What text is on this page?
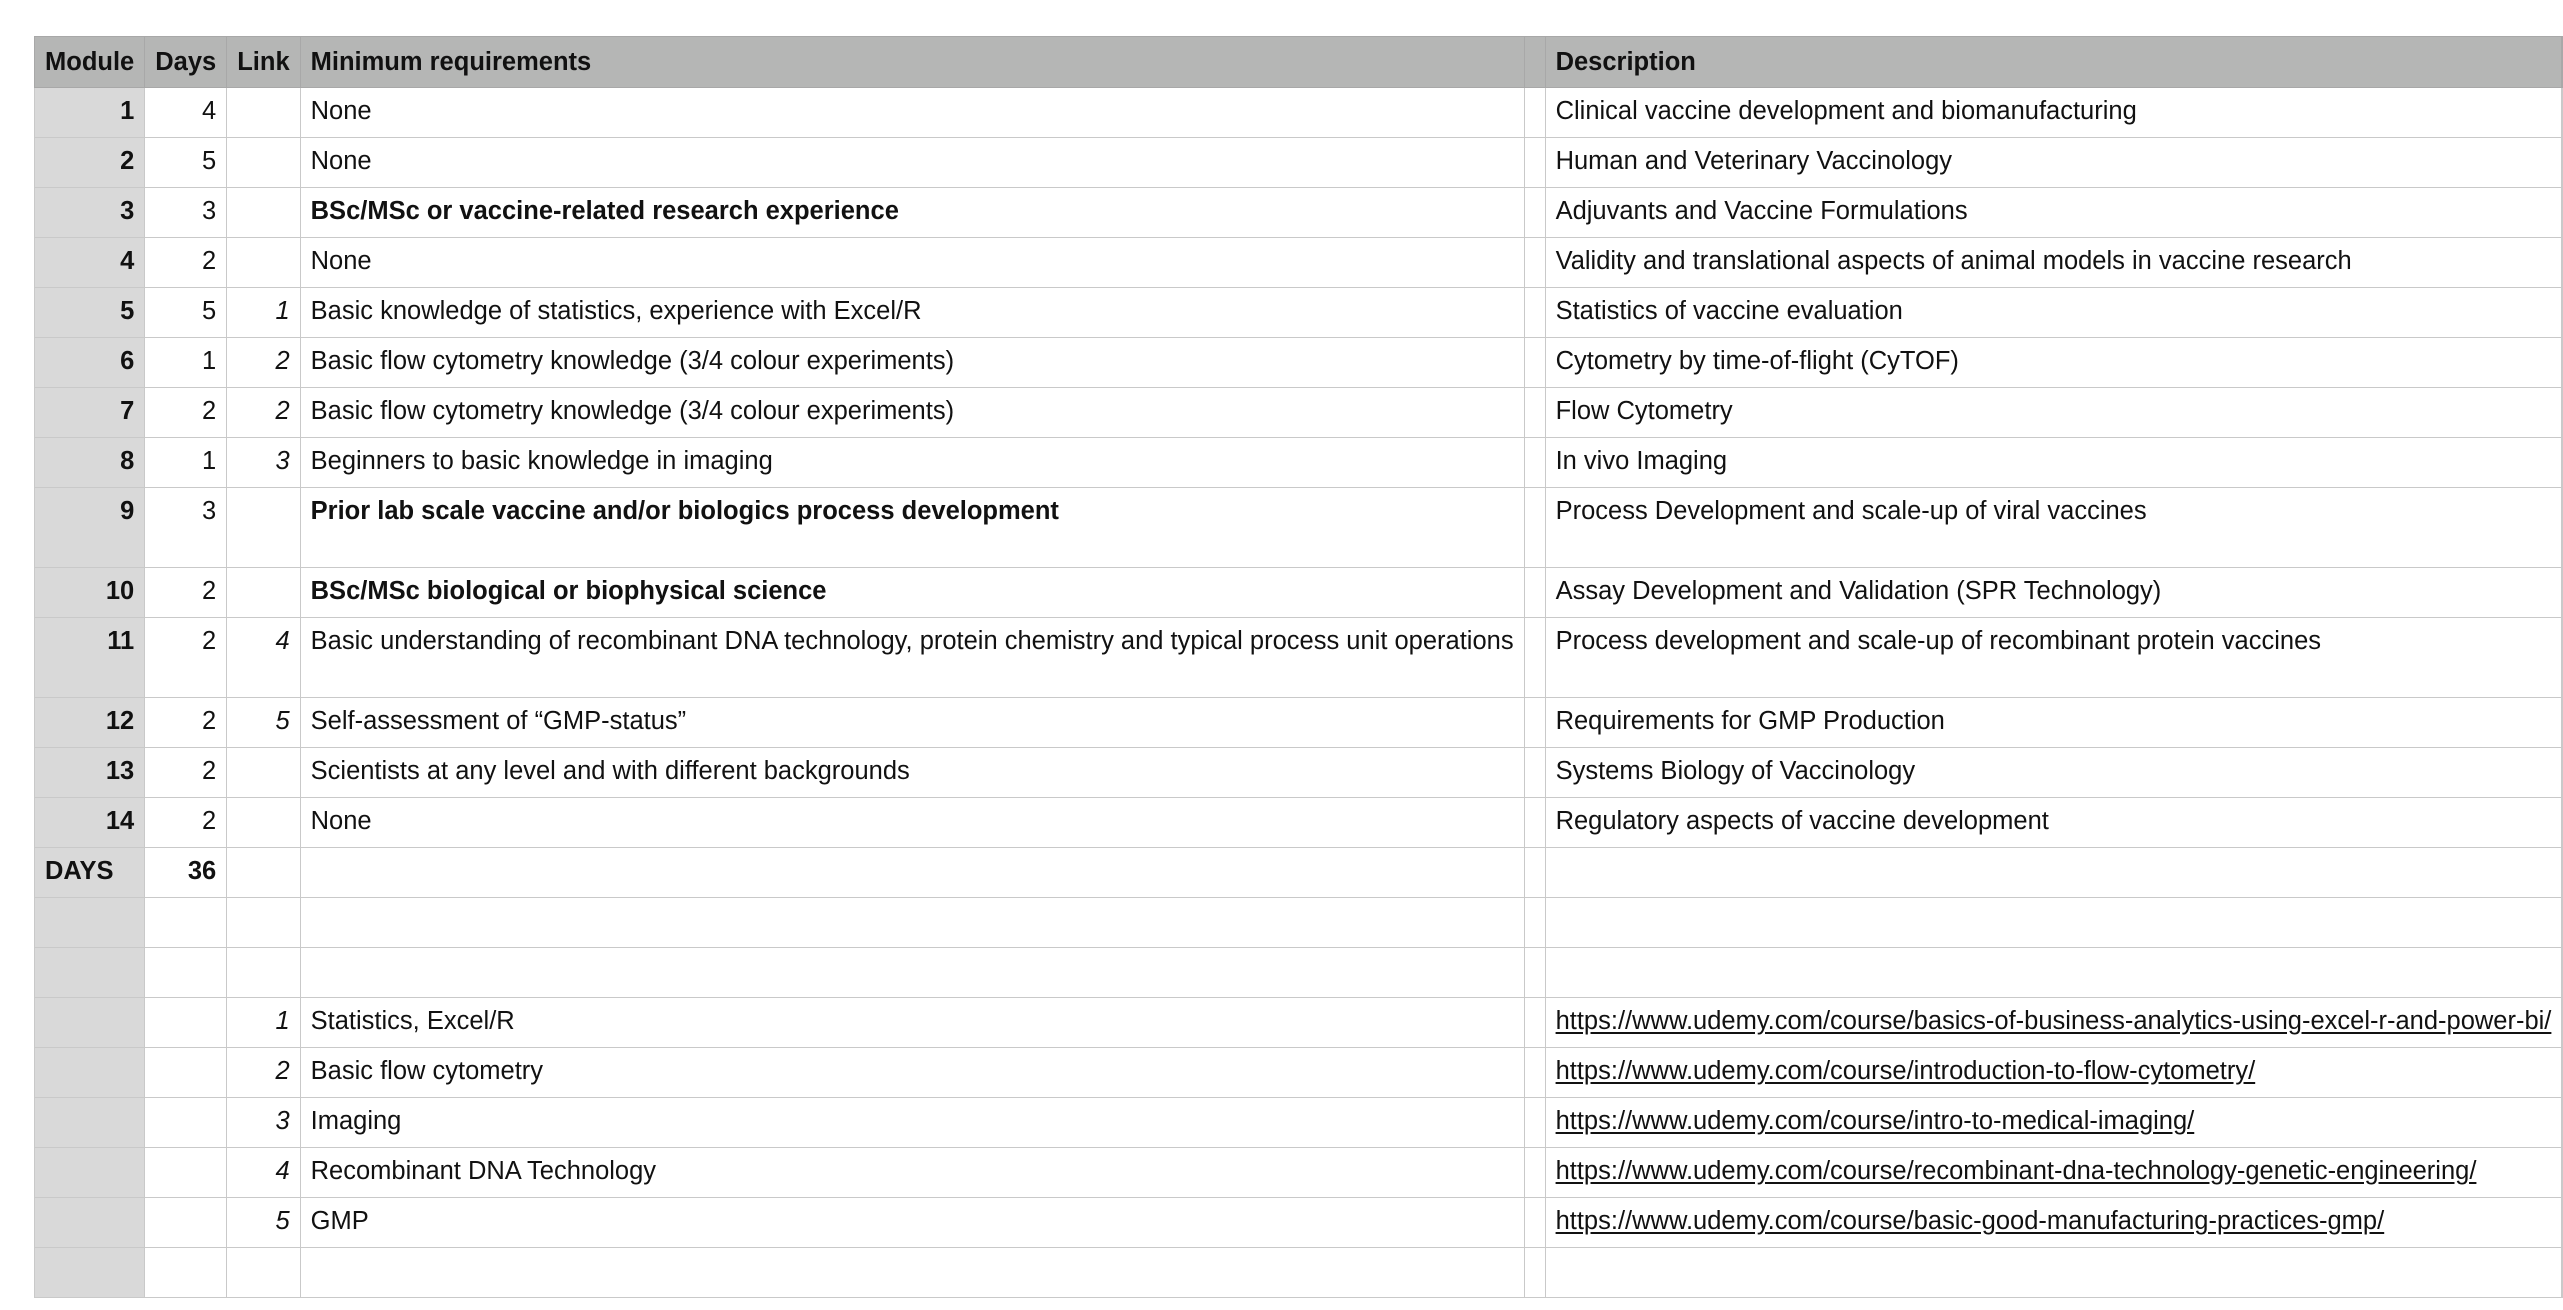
Module	Days	Link	Minimum requirements		Description	
1	4		None		Clinical vaccine development and biomanufacturing	
2	5		None		Human and Veterinary Vaccinology	
3	3		BSc/MSc or vaccine-related research experience		Adjuvants and Vaccine Formulations	
4	2		None		Validity and translational aspects of animal models in vaccine research	
5	5	1	Basic knowledge of statistics, experience with Excel/R		Statistics of vaccine evaluation	
6	1	2	Basic flow cytometry knowledge (3/4 colour experiments)		Cytometry by time-of-flight (CyTOF)	
7	2	2	Basic flow cytometry knowledge (3/4 colour experiments)		Flow Cytometry	
8	1	3	Beginners to basic knowledge in imaging		In vivo Imaging	
9	3		Prior lab scale vaccine and/or biologics process development		Process Development and scale-up of viral vaccines	
10	2		BSc/MSc biological or biophysical science		Assay Development and Validation (SPR Technology)	
11	2	4	Basic understanding of recombinant DNA technology, protein chemistry and typical process unit operations		Process development and scale-up of recombinant protein vaccines	
12	2	5	Self-assessment of “GMP-status”		Requirements for GMP Production	
13	2		Scientists at any level and with different backgrounds		Systems Biology of Vaccinology	
14	2		None		Regulatory aspects of vaccine development	
DAYS	36					

		1	Statistics, Excel/R		https://www.udemy.com/course/basics-of-business-analytics-using-excel-r-and-power-bi/	
		2	Basic flow cytometry		https://www.udemy.com/course/introduction-to-flow-cytometry/	
		3	Imaging		https://www.udemy.com/course/intro-to-medical-imaging/	
		4	Recombinant DNA Technology		https://www.udemy.com/course/recombinant-dna-technology-genetic-engineering/	
		5	GMP		https://www.udemy.com/course/basic-good-manufacturing-practices-gmp/	
